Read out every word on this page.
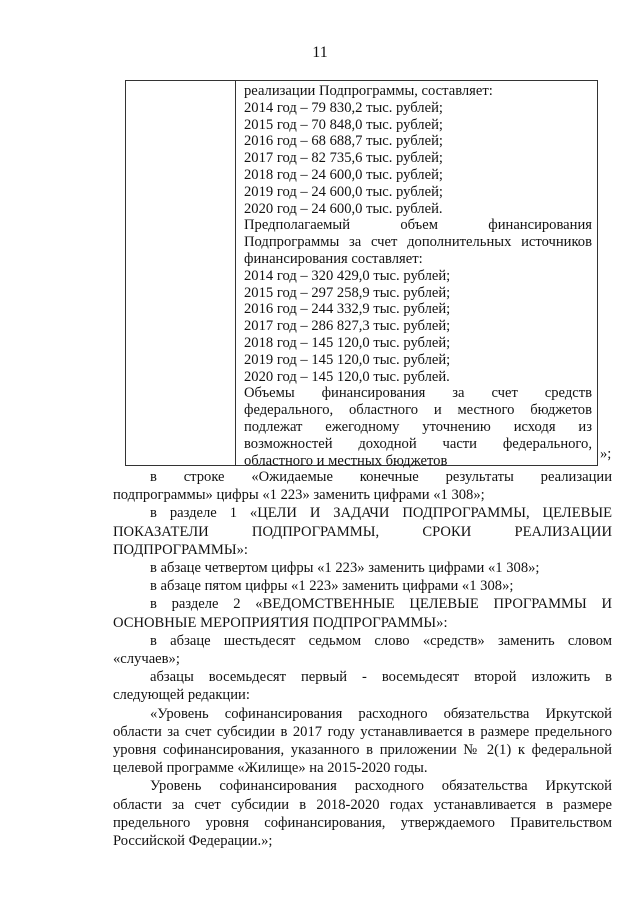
11
реализации Подпрограммы, составляет:
2014 год – 79 830,2 тыс. рублей;
2015 год – 70 848,0 тыс. рублей;
2016 год – 68 688,7 тыс. рублей;
2017 год – 82 735,6 тыс. рублей;
2018 год – 24 600,0 тыс. рублей;
2019 год – 24 600,0 тыс. рублей;
2020 год – 24 600,0 тыс. рублей.
Предполагаемый объем финансирования
Подпрограммы за счет дополнительных источников
финансирования составляет:
2014 год – 320 429,0 тыс. рублей;
2015 год – 297 258,9 тыс. рублей;
2016 год – 244 332,9 тыс. рублей;
2017 год – 286 827,3 тыс. рублей;
2018 год – 145 120,0 тыс. рублей;
2019 год – 145 120,0 тыс. рублей;
2020 год – 145 120,0 тыс. рублей.
Объемы финансирования за счет средств
федерального, областного и местного бюджетов
подлежат ежегодному уточнению исходя из
возможностей доходной части федерального,
областного и местных бюджетов	»;
в строке «Ожидаемые конечные результаты реализации
подпрограммы» цифры «1 223» заменить цифрами «1 308»;
в разделе 1 «ЦЕЛИ И ЗАДАЧИ ПОДПРОГРАММЫ, ЦЕЛЕВЫЕ
ПОКАЗАТЕЛИ ПОДПРОГРАММЫ, СРОКИ РЕАЛИЗАЦИИ
ПОДПРОГРАММЫ»:
в абзаце четвертом цифры «1 223» заменить цифрами «1 308»;
в абзаце пятом цифры «1 223» заменить цифрами «1 308»;
в разделе 2 «ВЕДОМСТВЕННЫЕ ЦЕЛЕВЫЕ ПРОГРАММЫ И
ОСНОВНЫЕ МЕРОПРИЯТИЯ ПОДПРОГРАММЫ»:
в абзаце шестьдесят седьмом слово «средств» заменить словом
«случаев»;
абзацы восемьдесят первый - восемьдесят второй изложить в
следующей редакции:
«Уровень софинансирования расходного обязательства Иркутской
области за счет субсидии в 2017 году устанавливается в размере предельного
уровня софинансирования, указанного в приложении № 2(1) к федеральной
целевой программе «Жилище» на 2015-2020 годы.
Уровень софинансирования расходного обязательства Иркутской
области за счет субсидии в 2018-2020 годах устанавливается в размере
предельного уровня софинансирования, утверждаемого Правительством
Российской Федерации.»;
